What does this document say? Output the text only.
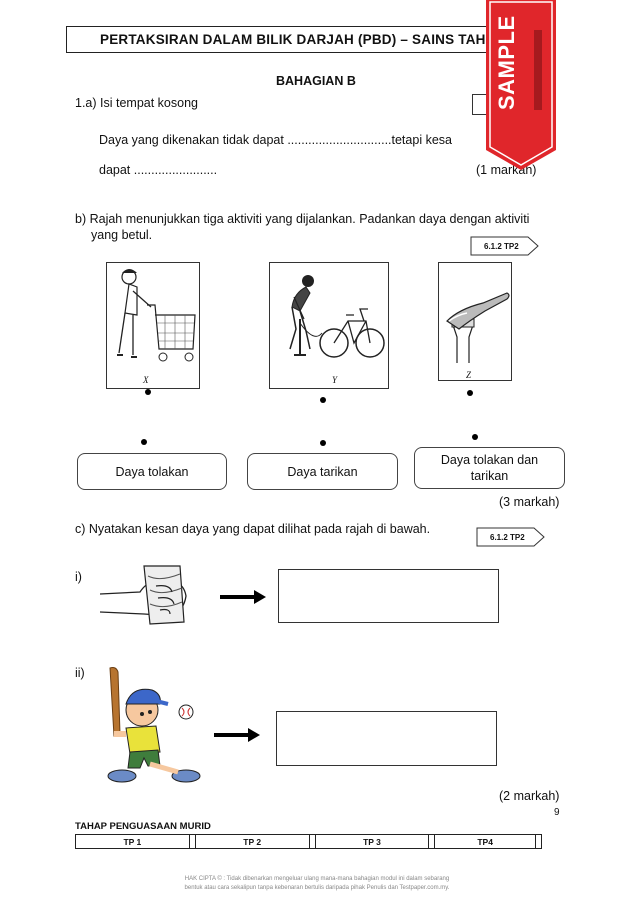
PERTAKSIRAN DALAM BILIK DARJAH (PBD) – SAINS TAH
BAHAGIAN B
1.a) Isi tempat kosong
Daya yang dikenakan tidak dapat ..............................tetapi kesa
dapat ........................	(1 markah)
b) Rajah menunjukkan tiga aktiviti yang dijalankan. Padankan daya dengan aktiviti
yang betul.
6.1.2 TP2
X	Y	Z
Daya tolakan	Daya tarikan
Daya tolakan dan tarikan
(3 markah)
c) Nyatakan kesan daya yang dapat dilihat pada rajah di bawah.
6.1.2 TP2
i)
ii)
(2 markah)
9
TAHAP PENGUASAAN MURID
TP 1		TP 2		TP 3		TP4	
HAK CIPTA © : Tidak dibenarkan mengeluar ulang mana-mana bahagian modul ini dalam sebarang
bentuk atau cara sekalipun tanpa kebenaran bertulis daripada pihak Penulis dan Testpaper.com.my.
SAMPLE
